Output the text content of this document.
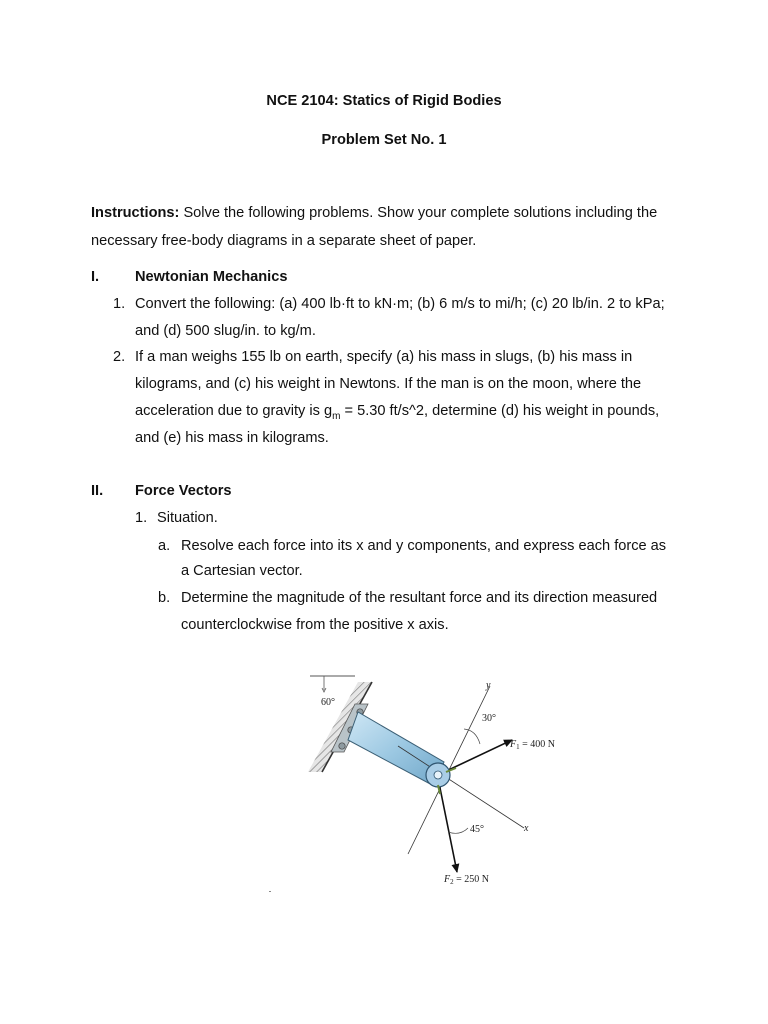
NCE 2104: Statics of Rigid Bodies
Problem Set No. 1
Instructions: Solve the following problems. Show your complete solutions including the
necessary free-body diagrams in a separate sheet of paper.
I. Newtonian Mechanics
1. Convert the following: (a) 400 lb·ft to kN·m; (b) 6 m/s to mi/h; (c) 20 lb/in. 2 to kPa;
and (d) 500 slug/in. to kg/m.
2. If a man weighs 155 lb on earth, specify (a) his mass in slugs, (b) his mass in
kilograms, and (c) his weight in Newtons. If the man is on the moon, where the
acceleration due to gravity is $g_m = 5.30$ ft/s^2, determine (d) his weight in pounds,
and (e) his mass in kilograms.
II. Force Vectors
1. Situation.
a. Resolve each force into its x and y components, and express each force as
a Cartesian vector.
b. Determine the magnitude of the resultant force and its direction measured
counterclockwise from the positive x axis.
60°
y
x
30°
$F_1 = 400$ N
45°
$F_2 = 250$ N
